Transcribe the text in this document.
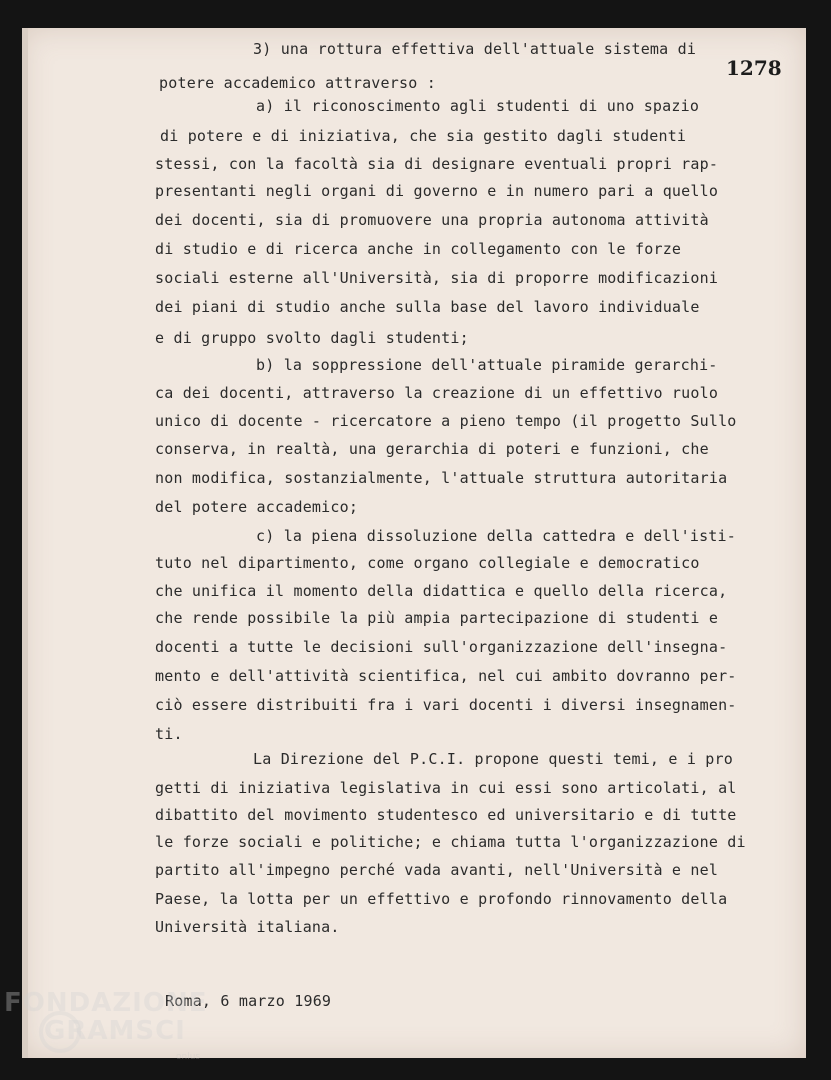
1278
3) una rottura effettiva dell'attuale sistema di
potere accademico attraverso :
a) il riconoscimento agli studenti di uno spazio
di potere e di iniziativa, che sia gestito dagli studenti
stessi, con la facoltà sia di designare eventuali propri rap-
presentanti negli organi di governo e in numero pari a quello
dei docenti, sia di promuovere una propria autonoma attività
di studio e di ricerca anche in collegamento con le forze
sociali esterne all'Università, sia di proporre modificazioni
dei piani di studio anche sulla base del lavoro individuale
e di gruppo svolto dagli studenti;
b) la soppressione dell'attuale piramide gerarchi-
ca dei docenti, attraverso la creazione di un effettivo ruolo
unico di docente - ricercatore a pieno tempo (il progetto Sullo
conserva, in realtà, una gerarchia di poteri e funzioni, che
non modifica, sostanzialmente, l'attuale struttura autoritaria
del potere accademico;
c) la piena dissoluzione della cattedra e dell'isti-
tuto nel dipartimento, come organo collegiale e democratico
che unifica il momento della didattica e quello della ricerca,
che rende possibile la più ampia partecipazione di studenti e
docenti a tutte le decisioni sull'organizzazione dell'insegna-
mento e dell'attività scientifica, nel cui ambito dovranno per-
ciò essere distribuiti fra i vari docenti i diversi insegnamen-
ti.
La Direzione del P.C.I. propone questi temi, e i pro
getti di iniziativa legislativa in cui essi sono articolati, al
dibattito del movimento studentesco ed universitario e di tutte
le forze sociali e politiche; e chiama tutta l'organizzazione di
partito all'impegno perché vada avanti, nell'Università e nel
Paese, la lotta per un effettivo e profondo rinnovamento della
Università italiana.
Roma, 6 marzo 1969
FONDAZIONE
GRAMSCI
onlus
